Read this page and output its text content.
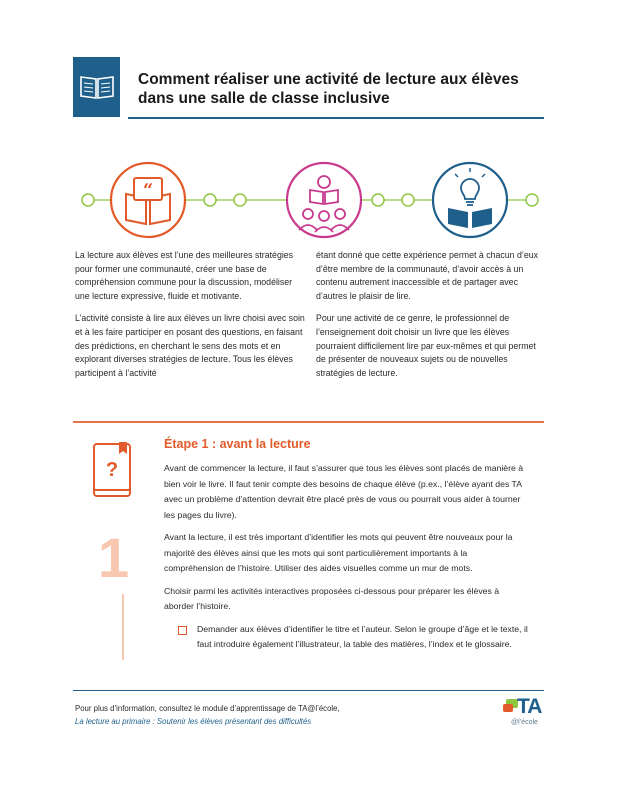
Comment réaliser une activité de lecture aux élèves
dans une salle de classe inclusive
“

La lecture aux élèves est l’une des meilleures stratégies pour former une communauté, créer une base de compréhension commune pour la discussion, modéliser une lecture expressive, fluide et motivante.

L’activité consiste à lire aux élèves un livre choisi avec soin et à les faire participer en posant des questions, en faisant des prédictions, en cherchant le sens des mots et en explorant diverses stratégies de lecture. Tous les élèves participent à l’activité

étant donné que cette expérience permet à chacun d’eux d’être membre de la communauté, d’avoir accès à un contenu autrement inaccessible et de partager avec d’autres le plaisir de lire.

Pour une activité de ce genre, le professionnel de l’enseignement doit choisir un livre que les élèves pourraient difficilement lire par eux-mêmes et qui permet de présenter de nouveaux sujets ou de nouvelles stratégies de lecture.

?
1
Étape 1 : avant la lecture

Avant de commencer la lecture, il faut s’assurer que tous les élèves sont placés de manière à bien voir le livre. Il faut tenir compte des besoins de chaque élève (p.ex., l’élève ayant des TA avec un problème d’attention devrait être placé près de vous ou pourrait vous aider à tourner les pages du livre).

Avant la lecture, il est très important d’identifier les mots qui peuvent être nouveaux pour la majorité des élèves ainsi que les mots qui sont particulièrement importants à la compréhension de l’histoire. Utiliser des aides visuelles comme un mur de mots.

Choisir parmi les activités interactives proposées ci-dessous pour préparer les élèves à aborder l’histoire.

Demander aux élèves d’identifier le titre et l’auteur. Selon le groupe d’âge et le texte, il faut introduire également l’illustrateur, la table des matières, l’index et le glossaire.
Pour plus d’information, consultez le module d’apprentissage de TA@l’école,
La lecture au primaire : Soutenir les élèves présentant des difficultés
TA
@l’école
